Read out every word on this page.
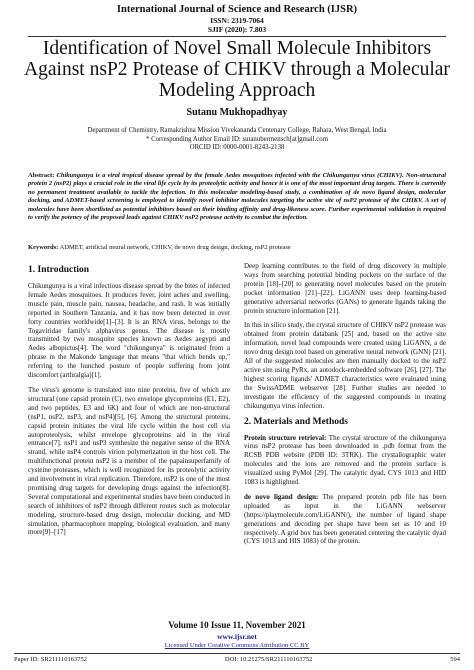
International Journal of Science and Research (IJSR)
ISSN: 2319-7064
SJIF (2020): 7.803
Identification of Novel Small Molecule Inhibitors Against nsP2 Protease of CHIKV through a Molecular Modeling Approach
Sutanu Mukhopadhyay
Department of Chemistry, Ramakrishna Mission Vivekananda Centenary College, Rahara, West Bengal, India
* Corresponding Author Email ID: sutanubermensch[at]gmail.com
ORCID ID: 0000-0001-8243-2138
Abstract: Chikungunya is a viral tropical disease spread by the female Aedes mosquitoes infected with the Chikungunya virus (CHIKV). Non-structural protein 2 (nsP2) plays a crucial role in the viral life cycle by its proteolytic activity and hence it is one of the most important drug targets. There is currently no permanent treatment available to tackle the infection. In this molecular modeling-based study, a combination of de novo ligand design, molecular docking, and ADMET-based screening is employed to identify novel inhibitor molecules targeting the active site of nsP2 protease of the CHIKV. A set of molecules have been shortlisted as potential inhibitors based on their binding affinity and drug-likeness score. Further experimental validation is required to verify the potency of the proposed leads against CHIKV nsP2 protease activity to combat the infection.
Keywords: ADMET, artificial neural network, CHIKV, de novo drug design, docking, nsP2 protease
1. Introduction

Chikungunya is a viral infectious disease spread by the bites of infected female Aedes mosquitoes. It produces fever, joint aches and swelling, muscle pain, muscle pain, nausea, headache, and rash. It was initially reported in Southern Tanzania, and it has now been detected in over forty countries worldwide[1]–[3]. It is an RNA virus, belongs to the Togaviridae family's alphavirus genus. The disease is mostly transmitted by two mosquito species known as Aedes aegypti and Aedes albopictus[4]. The word "chikungunya" is originated from a phrase in the Makonde language that means "that which bends up," referring to the hunched posture of people suffering from joint discomfort (arthralgia)[1].

The virus's genome is translated into nine proteins, five of which are structural (one capsid protein (C), two envelope glycoproteins (E1, E2), and two peptides, E3 and 6K) and four of which are non-structural (nsP1, nsP2, nsP3, and nsP4)[5], [6]. Among the structural proteins, capsid protein initiates the viral life cycle within the host cell via autoproteolysis, whilst envelope glycoproteins aid in the viral entrance[7]. nsP1 and nsP3 synthesize the negative sense of the RNA strand, while nsP4 controls virion polymerization in the host cell. The multifunctional protein nsP2 is a member of the papainsuperfamily of cysteine proteases, which is well recognized for its proteolytic activity and involvement in viral replication. Therefore, nsP2 is one of the most promising drug targets for developing drugs against the infection[8]. Several computational and experimental studies have been conducted in search of inhibitors of nsP2 through different routes such as molecular modeling, structure-based drug design, molecular docking, and MD simulation, pharmacophore mapping, biological evaluation, and many more[9]–[17]

Deep learning contributes to the field of drug discovery in multiple ways from searching potential binding pockets on the surface of the protein [18]–[20] to generating novel molecules based on the protein pocket information [21]–[22]. LiGANN uses deep learning-based generative adversarial networks (GANs) to generate ligands taking the protein structure information [21].

In this in silico study, the crystal structure of CHIKV nsP2 protease was obtained from protein databank [25] and, based on the active site information, novel lead compounds were created using LiGANN, a de novo drug design tool based on generative neural network (GNN) [21]. All of the suggested molecules are then manually docked to the nsP2 active site using PyRx, an autodock-embedded software [26], [27]. The highest scoring ligands' ADMET characteristics were evaluated using the SwissADME webserver [28]. Further studies are needed to investigate the efficiency of the suggested compounds in treating chikungunya virus infection.

2. Materials and Methods

Protein structure retrieval: The crystal structure of the chikungunya virus nsP2 protease has been downloaded in .pdb format from the RCSB PDB website (PDB ID: 3TRK). The crystallographic water molecules and the ions are removed and the protein surface is visualized using PyMol [29]. The catalytic dyad, CYS 1013 and HID 1083 is highlighted.

de novo ligand design: The prepared protein pdb file has been uploaded as input in the LiGANN webserver (https://playmolecule.com/LiGANN/), the number of ligand shape generations and decoding per shape have been set as 10 and 10 respectively. A grid box has been generated centering the catalytic dyad (CYS 1013 and HIS 1083) of the protein.

Volume 10 Issue 11, November 2021
www.ijsr.net
Licensed Under Creative Commons Attribution CC BY
Paper ID: SR211110163752	DOI: 10.21275/SR211110163752	594
